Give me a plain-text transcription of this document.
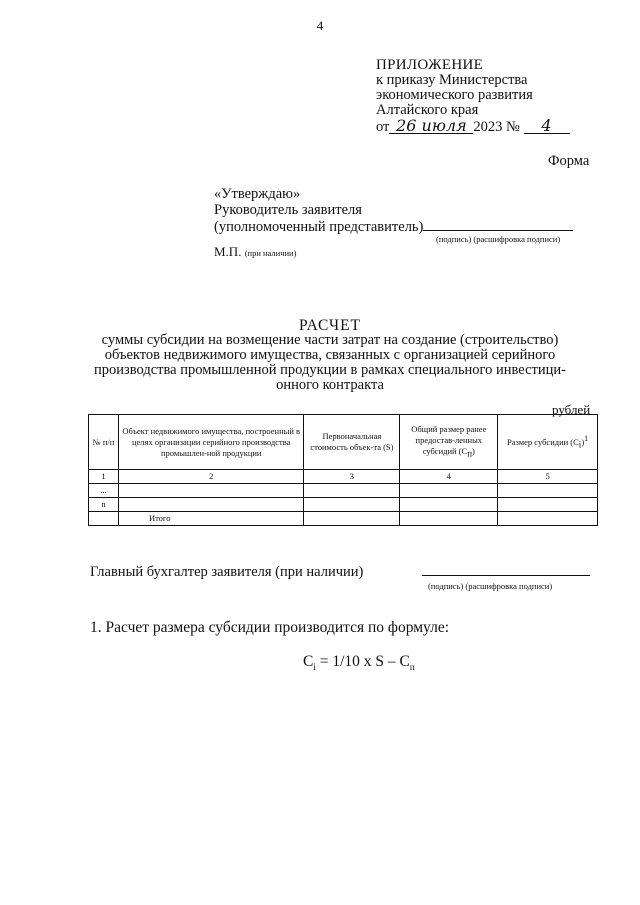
4
ПРИЛОЖЕНИЕ
к приказу Министерства
экономического развития
Алтайского края
от 26 июля 2023 № 4
Форма
«Утверждаю»
Руководитель заявителя
(уполномоченный представитель)
(подпись) (расшифровка подписи)
М.П. (при наличии)
РАСЧЕТ
суммы субсидии на возмещение части затрат на создание (строительство)
объектов недвижимого имущества, связанных с организацией серийного
производства промышленной продукции в рамках специального инвестици-
онного контракта
рублей
№ п/п	Объект недвижимого имущества, построенный в целях организации серийного производства промышлен-ной продукции	Первоначальная стоимость объек-та (S)	Общий размер ранее предостав-ленных субсидий $(C_п)$	Размер субсидии $(C_i)^1$
1	2	3	4	5
...				
n				
	Итого			
Главный бухгалтер заявителя (при наличии)
(подпись) (расшифровка подписи)
1. Расчет размера субсидии производится по формуле:
$C_i = 1/10$ x S – $C_п$
